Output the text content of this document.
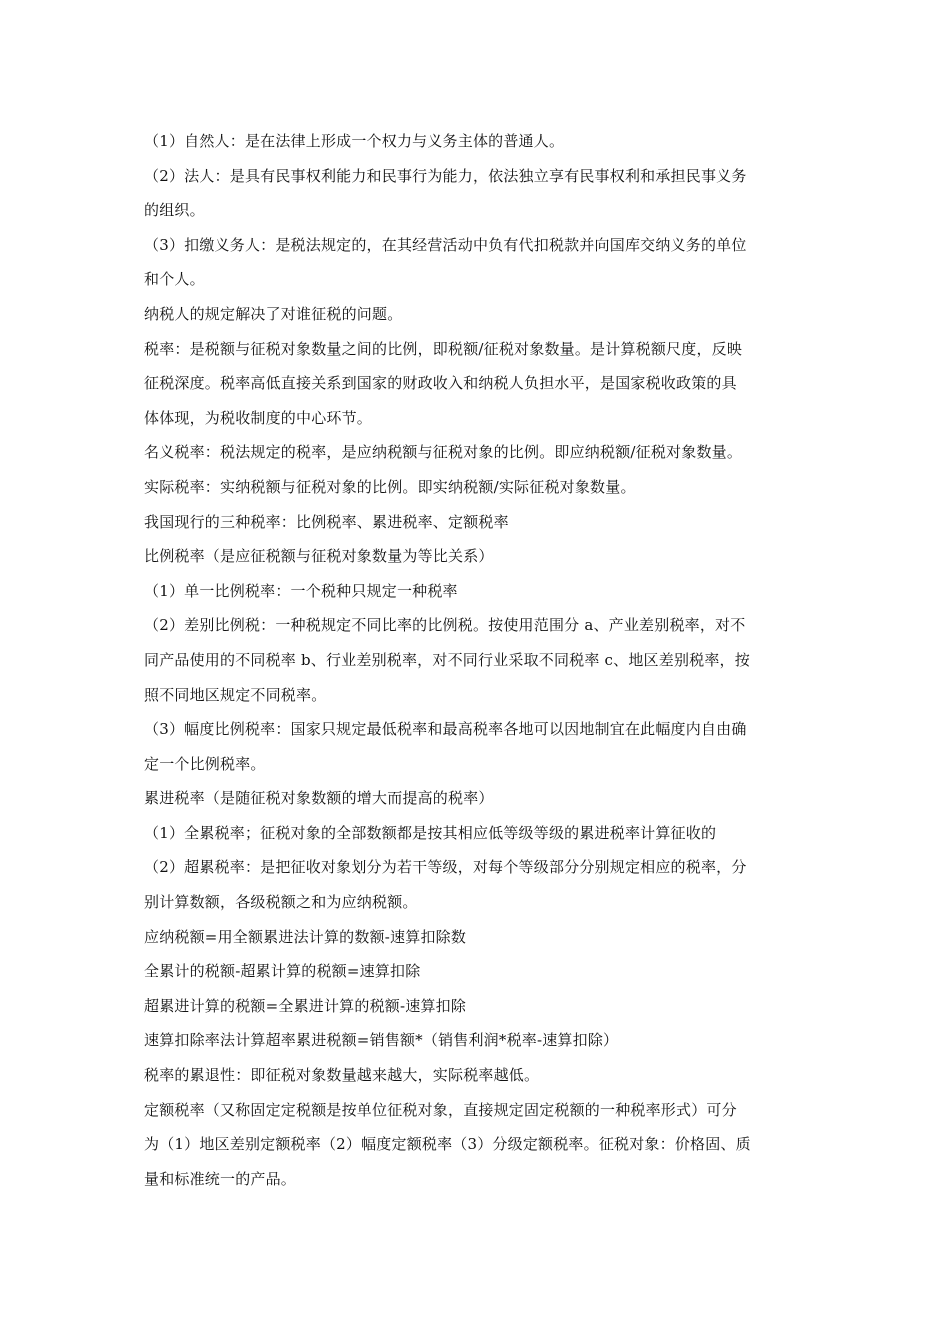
（1）自然人：是在法律上形成一个权力与义务主体的普通人。
（2）法人：是具有民事权利能力和民事行为能力，依法独立享有民事权利和承担民事义务
的组织。
（3）扣缴义务人：是税法规定的，在其经营活动中负有代扣税款并向国库交纳义务的单位
和个人。
纳税人的规定解决了对谁征税的问题。
税率：是税额与征税对象数量之间的比例，即税额/征税对象数量。是计算税额尺度，反映
征税深度。税率高低直接关系到国家的财政收入和纳税人负担水平，是国家税收政策的具
体体现，为税收制度的中心环节。
名义税率：税法规定的税率，是应纳税额与征税对象的比例。即应纳税额/征税对象数量。
实际税率：实纳税额与征税对象的比例。即实纳税额/实际征税对象数量。
我国现行的三种税率：比例税率、累进税率、定额税率
比例税率（是应征税额与征税对象数量为等比关系）
（1）单一比例税率：一个税种只规定一种税率
（2）差别比例税：一种税规定不同比率的比例税。按使用范围分 a、产业差别税率，对不
同产品使用的不同税率 b、行业差别税率，对不同行业采取不同税率 c、地区差别税率，按
照不同地区规定不同税率。
（3）幅度比例税率：国家只规定最低税率和最高税率各地可以因地制宜在此幅度内自由确
定一个比例税率。
累进税率（是随征税对象数额的增大而提高的税率）
（1）全累税率；征税对象的全部数额都是按其相应低等级等级的累进税率计算征收的
（2）超累税率：是把征收对象划分为若干等级，对每个等级部分分别规定相应的税率，分
别计算数额，各级税额之和为应纳税额。
应纳税额=用全额累进法计算的数额-速算扣除数
全累计的税额-超累计算的税额=速算扣除
超累进计算的税额=全累进计算的税额-速算扣除
速算扣除率法计算超率累进税额=销售额*（销售利润*税率-速算扣除）
税率的累退性：即征税对象数量越来越大，实际税率越低。
定额税率（又称固定定税额是按单位征税对象，直接规定固定税额的一种税率形式）可分
为（1）地区差别定额税率（2）幅度定额税率（3）分级定额税率。征税对象：价格固、质
量和标准统一的产品。
